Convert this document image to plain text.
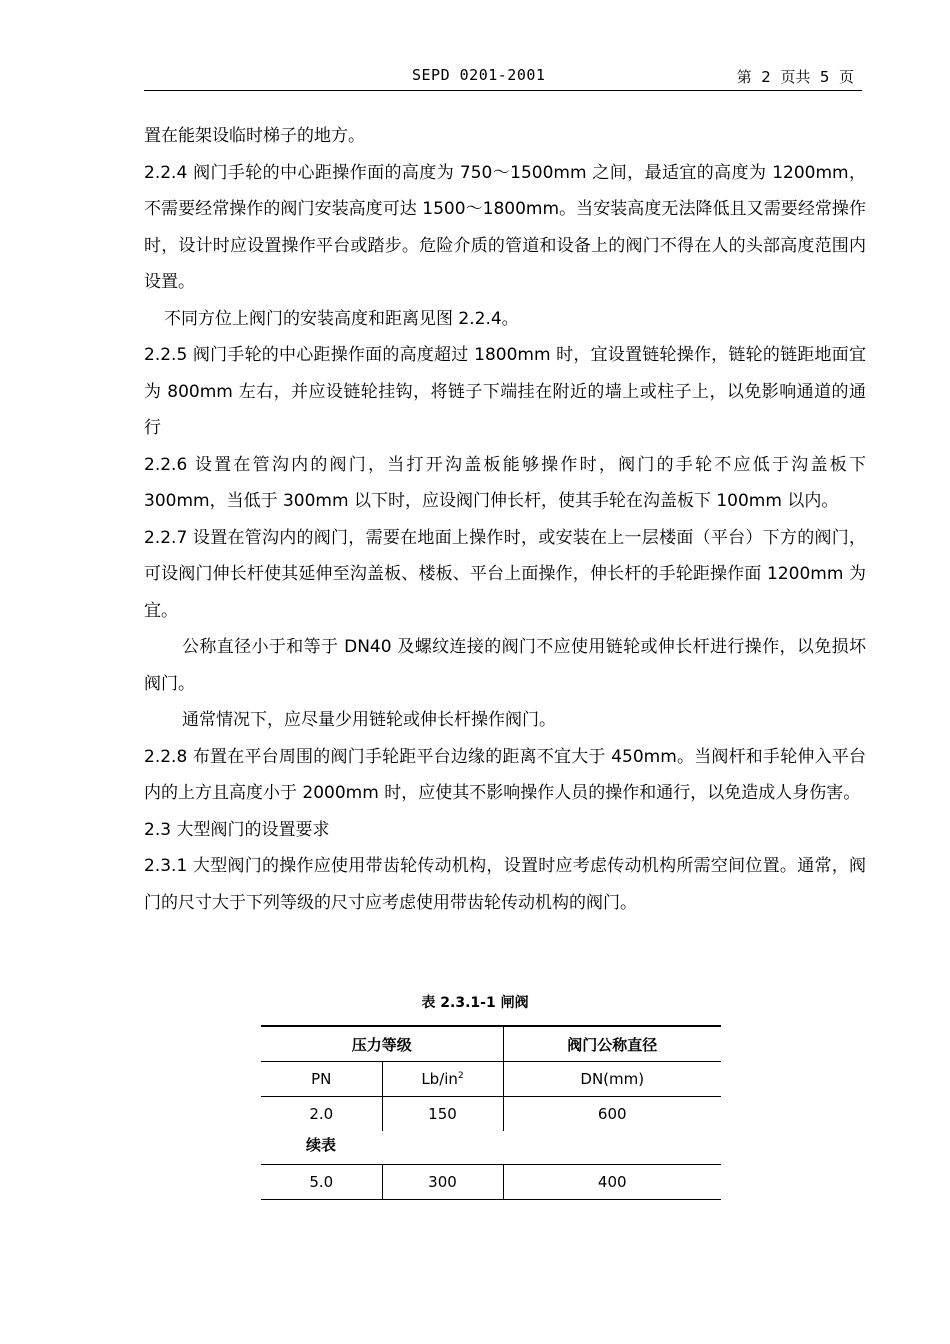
SEPD 0201-2001	第  2  页共  5  页

置在能架设临时梯子的地方。

2.2.4 阀门手轮的中心距操作面的高度为 750～1500mm 之间，最适宜的高度为 1200mm，不需要经常操作的阀门安装高度可达 1500～1800mm。当安装高度无法降低且又需要经常操作时，设计时应设置操作平台或踏步。危险介质的管道和设备上的阀门不得在人的头部高度范围内设置。

不同方位上阀门的安装高度和距离见图 2.2.4。

2.2.5 阀门手轮的中心距操作面的高度超过 1800mm 时，宜设置链轮操作，链轮的链距地面宜为 800mm 左右，并应设链轮挂钩，将链子下端挂在附近的墙上或柱子上，以免影响通道的通行

2.2.6 设置在管沟内的阀门，当打开沟盖板能够操作时，阀门的手轮不应低于沟盖板下 300mm，当低于 300mm 以下时，应设阀门伸长杆，使其手轮在沟盖板下 100mm 以内。

2.2.7 设置在管沟内的阀门，需要在地面上操作时，或安装在上一层楼面（平台）下方的阀门，可设阀门伸长杆使其延伸至沟盖板、楼板、平台上面操作，伸长杆的手轮距操作面 1200mm 为宜。

公称直径小于和等于 DN40 及螺纹连接的阀门不应使用链轮或伸长杆进行操作，以免损坏阀门。

通常情况下，应尽量少用链轮或伸长杆操作阀门。

2.2.8 布置在平台周围的阀门手轮距平台边缘的距离不宜大于 450mm。当阀杆和手轮伸入平台内的上方且高度小于 2000mm 时，应使其不影响操作人员的操作和通行，以免造成人身伤害。

2.3 大型阀门的设置要求

2.3.1 大型阀门的操作应使用带齿轮传动机构，设置时应考虑传动机构所需空间位置。通常，阀门的尺寸大于下列等级的尺寸应考虑使用带齿轮传动机构的阀门。

表 2.3.1-1 闸阀
压力等级		阀门公称直径
PN	$Lb/in^2$	DN(mm)
2.0	150	600
续表
5.0	300	400
